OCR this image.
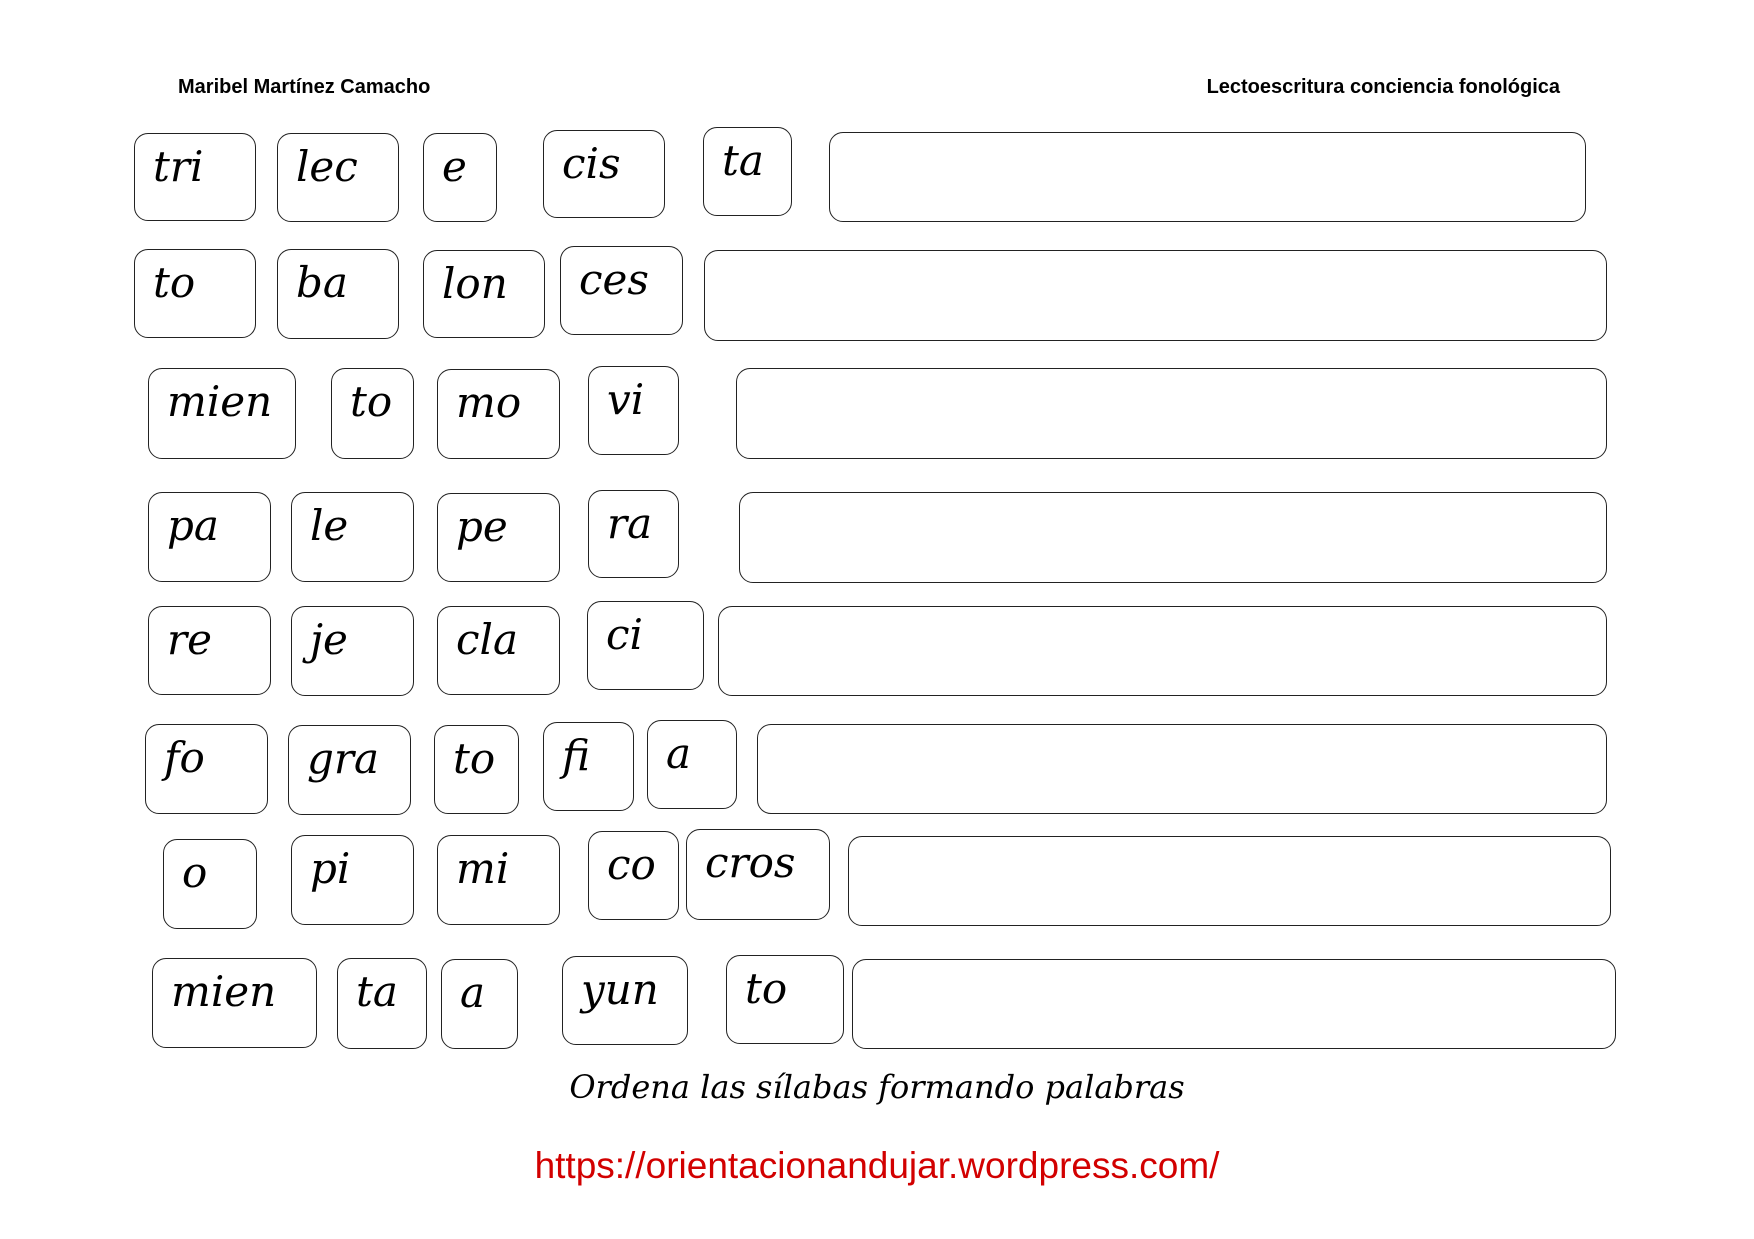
Maribel Martínez Camacho	Lectoescritura conciencia fonológica
tri lec e cis ta
to ba lon ces
mien to mo vi
pa le	pe ra
re je	cla ci
fo gra to fi a
o pi	mi co cros
mien ta a yun to
Ordena las sílabas formando palabras
https://orientacionandujar.wordpress.com/
